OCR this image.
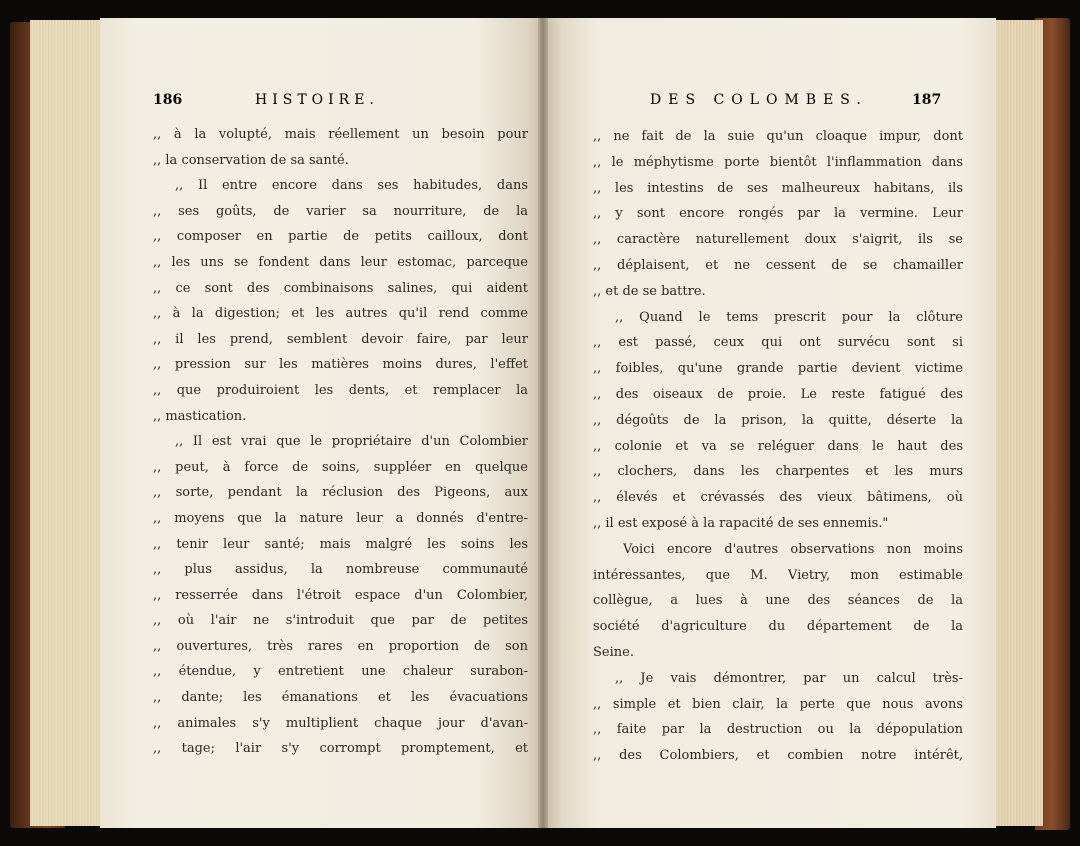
186	HISTOIRE.	DES COLOMBES.	187
,, à la volupté, mais réellement un besoin pour
,, la conservation de sa santé.
,, Il entre encore dans ses habitudes, dans
,, ses goûts, de varier sa nourriture, de la
,, composer en partie de petits cailloux, dont
,, les uns se fondent dans leur estomac, parceque
,, ce sont des combinaisons salines, qui aident
,, à la digestion; et les autres qu'il rend comme
,, il les prend, semblent devoir faire, par leur
,, pression sur les matières moins dures, l'effet
,, que produiroient les dents, et remplacer la
,, mastication.
,, Il est vrai que le propriétaire d'un Colombier
,, peut, à force de soins, suppléer en quelque
,, sorte, pendant la réclusion des Pigeons, aux
,, moyens que la nature leur a donnés d'entre-
,, tenir leur santé; mais malgré les soins les
,, plus assidus, la nombreuse communauté
,, resserrée dans l'étroit espace d'un Colombier,
,, où l'air ne s'introduit que par de petites
,, ouvertures, très rares en proportion de son
,, étendue, y entretient une chaleur surabon-
,, dante; les émanations et les évacuations
,, animales s'y multiplient chaque jour d'avan-
,, tage; l'air s'y corrompt promptement, et
,, ne fait de la suie qu'un cloaque impur, dont
,, le méphytisme porte bientôt l'inflammation dans
,, les intestins de ses malheureux habitans, ils
,, y sont encore rongés par la vermine. Leur
,, caractère naturellement doux s'aigrit, ils se
,, déplaisent, et ne cessent de se chamailler
,, et de se battre.
,, Quand le tems prescrit pour la clôture
,, est passé, ceux qui ont survécu sont si
,, foibles, qu'une grande partie devient victime
,, des oiseaux de proie. Le reste fatigué des
,, dégoûts de la prison, la quitte, déserte la
,, colonie et va se reléguer dans le haut des
,, clochers, dans les charpentes et les murs
,, élevés et crévassés des vieux bâtimens, où
,, il est exposé à la rapacité de ses ennemis."
Voici encore d'autres observations non moins
intéressantes, que M. Vietry, mon estimable
collègue, a lues à une des séances de la
société d'agriculture du département de la
Seine.
,, Je vais démontrer, par un calcul très-
,, simple et bien clair, la perte que nous avons
,, faite par la destruction ou la dépopulation
,, des Colombiers, et combien notre intérêt,
